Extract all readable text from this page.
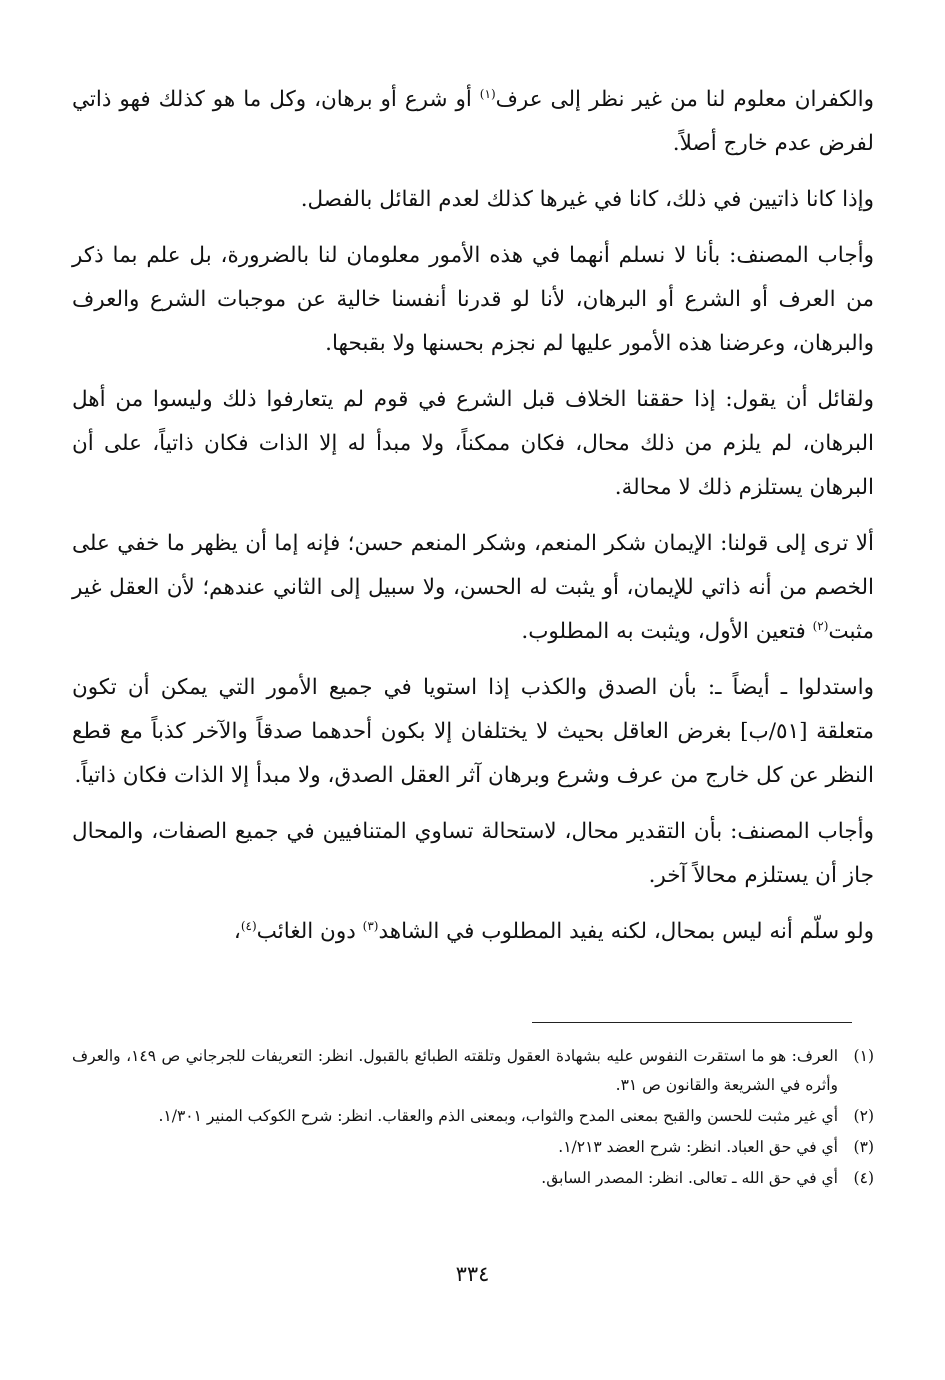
والكفران معلوم لنا من غير نظر إلى عرف$^{(١)}$ أو شرع أو برهان، وكل ما هو كذلك فهو ذاتي لفرض عدم خارج أصلاً.

وإذا كانا ذاتيين في ذلك، كانا في غيرها كذلك لعدم القائل بالفصل.

وأجاب المصنف: بأنا لا نسلم أنهما في هذه الأمور معلومان لنا بالضرورة، بل علم بما ذكر من العرف أو الشرع أو البرهان، لأنا لو قدرنا أنفسنا خالية عن موجبات الشرع والعرف والبرهان، وعرضنا هذه الأمور عليها لم نجزم بحسنها ولا بقبحها.

ولقائل أن يقول: إذا حققنا الخلاف قبل الشرع في قوم لم يتعارفوا ذلك وليسوا من أهل البرهان، لم يلزم من ذلك محال، فكان ممكناً، ولا مبدأ له إلا الذات فكان ذاتياً، على أن البرهان يستلزم ذلك لا محالة.

ألا ترى إلى قولنا: الإيمان شكر المنعم، وشكر المنعم حسن؛ فإنه إما أن يظهر ما خفي على الخصم من أنه ذاتي للإيمان، أو يثبت له الحسن، ولا سبيل إلى الثاني عندهم؛ لأن العقل غير مثبت$^{(٢)}$ فتعين الأول، ويثبت به المطلوب.

واستدلوا ـ أيضاً ـ: بأن الصدق والكذب إذا استويا في جميع الأمور التي يمكن أن تكون متعلقة [٥١/ب] بغرض العاقل بحيث لا يختلفان إلا بكون أحدهما صدقاً والآخر كذباً مع قطع النظر عن كل خارج من عرف وشرع وبرهان آثر العقل الصدق، ولا مبدأ إلا الذات فكان ذاتياً.

وأجاب المصنف: بأن التقدير محال، لاستحالة تساوي المتنافيين في جميع الصفات، والمحال جاز أن يستلزم محالاً آخر.

ولو سلّم أنه ليس بمحال، لكنه يفيد المطلوب في الشاهد$^{(٣)}$ دون الغائب$^{(٤)}$،

(١)
العرف: هو ما استقرت النفوس عليه بشهادة العقول وتلقته الطبائع بالقبول. انظر: التعريفات للجرجاني ص ١٤٩، والعرف وأثره في الشريعة والقانون ص ٣١.
(٢)
أي غير مثبت للحسن والقبح بمعنى المدح والثواب، وبمعنى الذم والعقاب. انظر: شرح الكوكب المنير ١/٣٠١.
(٣)
أي في حق العباد. انظر: شرح العضد ١/٢١٣.
(٤)
أي في حق الله ـ تعالى. انظر: المصدر السابق.
٣٣٤
